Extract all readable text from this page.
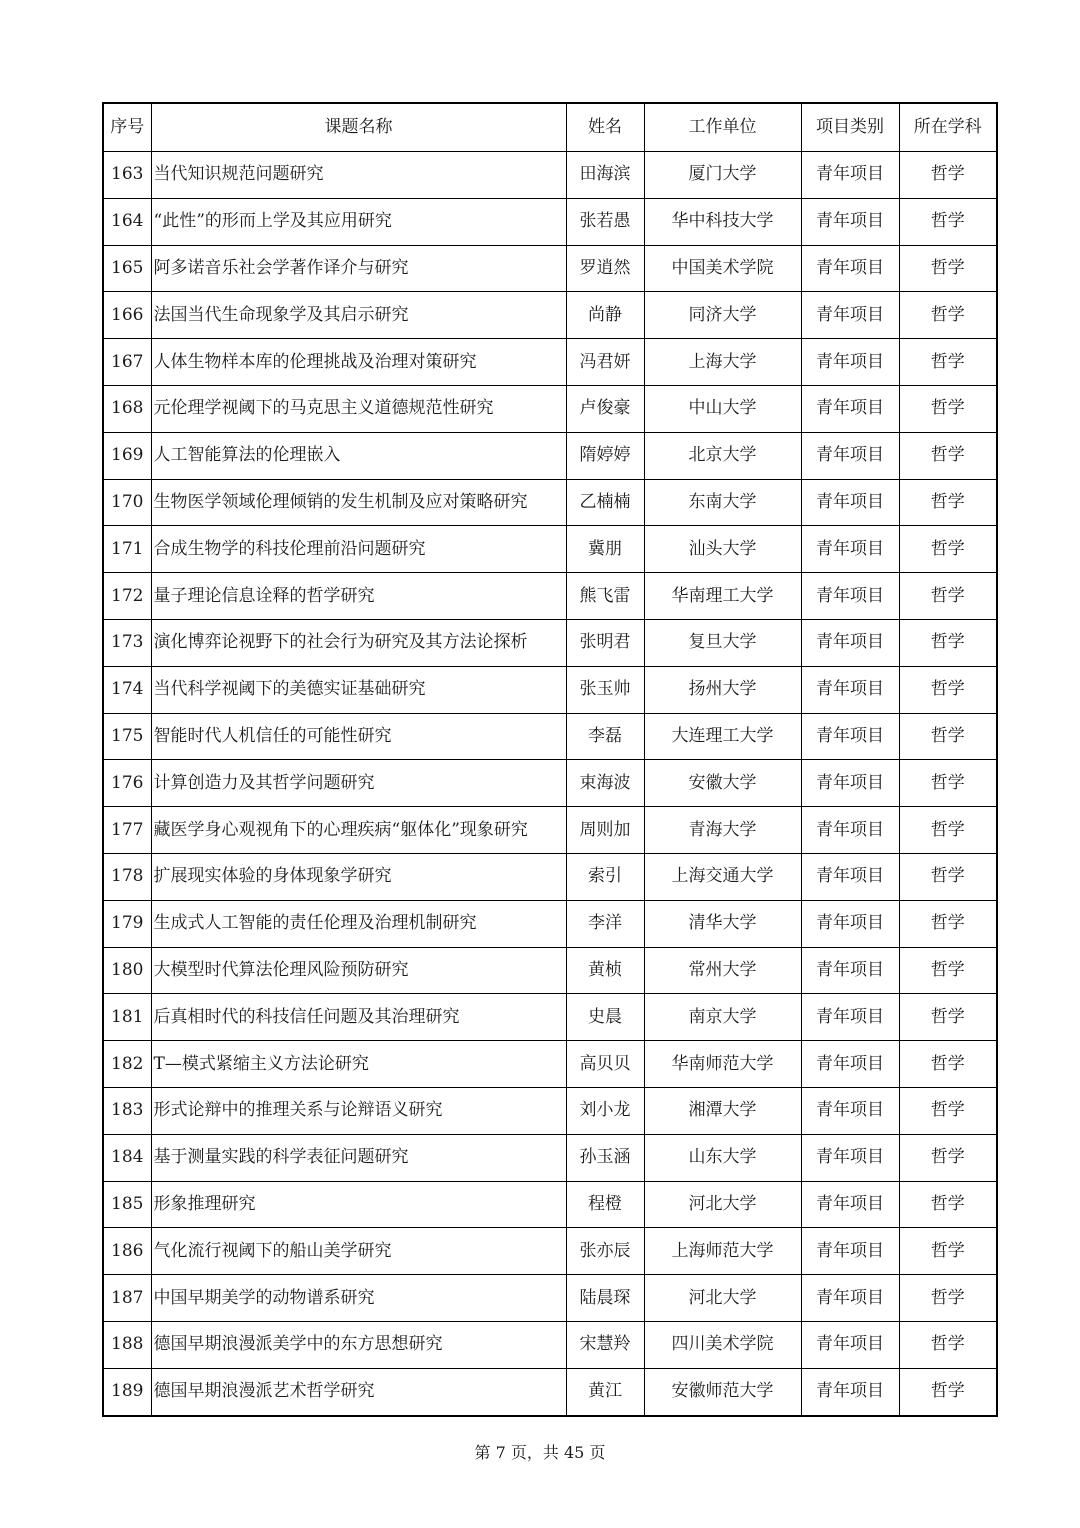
序号	课题名称	姓名	工作单位	项目类别	所在学科
163	当代知识规范问题研究	田海滨	厦门大学	青年项目	哲学
164	“此性”的形而上学及其应用研究	张若愚	华中科技大学	青年项目	哲学
165	阿多诺音乐社会学著作译介与研究	罗逍然	中国美术学院	青年项目	哲学
166	法国当代生命现象学及其启示研究	尚静	同济大学	青年项目	哲学
167	人体生物样本库的伦理挑战及治理对策研究	冯君妍	上海大学	青年项目	哲学
168	元伦理学视阈下的马克思主义道德规范性研究	卢俊豪	中山大学	青年项目	哲学
169	人工智能算法的伦理嵌入	隋婷婷	北京大学	青年项目	哲学
170	生物医学领域伦理倾销的发生机制及应对策略研究	乙楠楠	东南大学	青年项目	哲学
171	合成生物学的科技伦理前沿问题研究	冀朋	汕头大学	青年项目	哲学
172	量子理论信息诠释的哲学研究	熊飞雷	华南理工大学	青年项目	哲学
173	演化博弈论视野下的社会行为研究及其方法论探析	张明君	复旦大学	青年项目	哲学
174	当代科学视阈下的美德实证基础研究	张玉帅	扬州大学	青年项目	哲学
175	智能时代人机信任的可能性研究	李磊	大连理工大学	青年项目	哲学
176	计算创造力及其哲学问题研究	束海波	安徽大学	青年项目	哲学
177	藏医学身心观视角下的心理疾病“躯体化”现象研究	周则加	青海大学	青年项目	哲学
178	扩展现实体验的身体现象学研究	索引	上海交通大学	青年项目	哲学
179	生成式人工智能的责任伦理及治理机制研究	李洋	清华大学	青年项目	哲学
180	大模型时代算法伦理风险预防研究	黄桢	常州大学	青年项目	哲学
181	后真相时代的科技信任问题及其治理研究	史晨	南京大学	青年项目	哲学
182	T—模式紧缩主义方法论研究	高贝贝	华南师范大学	青年项目	哲学
183	形式论辩中的推理关系与论辩语义研究	刘小龙	湘潭大学	青年项目	哲学
184	基于测量实践的科学表征问题研究	孙玉涵	山东大学	青年项目	哲学
185	形象推理研究	程橙	河北大学	青年项目	哲学
186	气化流行视阈下的船山美学研究	张亦辰	上海师范大学	青年项目	哲学
187	中国早期美学的动物谱系研究	陆晨琛	河北大学	青年项目	哲学
188	德国早期浪漫派美学中的东方思想研究	宋慧羚	四川美术学院	青年项目	哲学
189	德国早期浪漫派艺术哲学研究	黄江	安徽师范大学	青年项目	哲学
第 7 页，共 45 页
